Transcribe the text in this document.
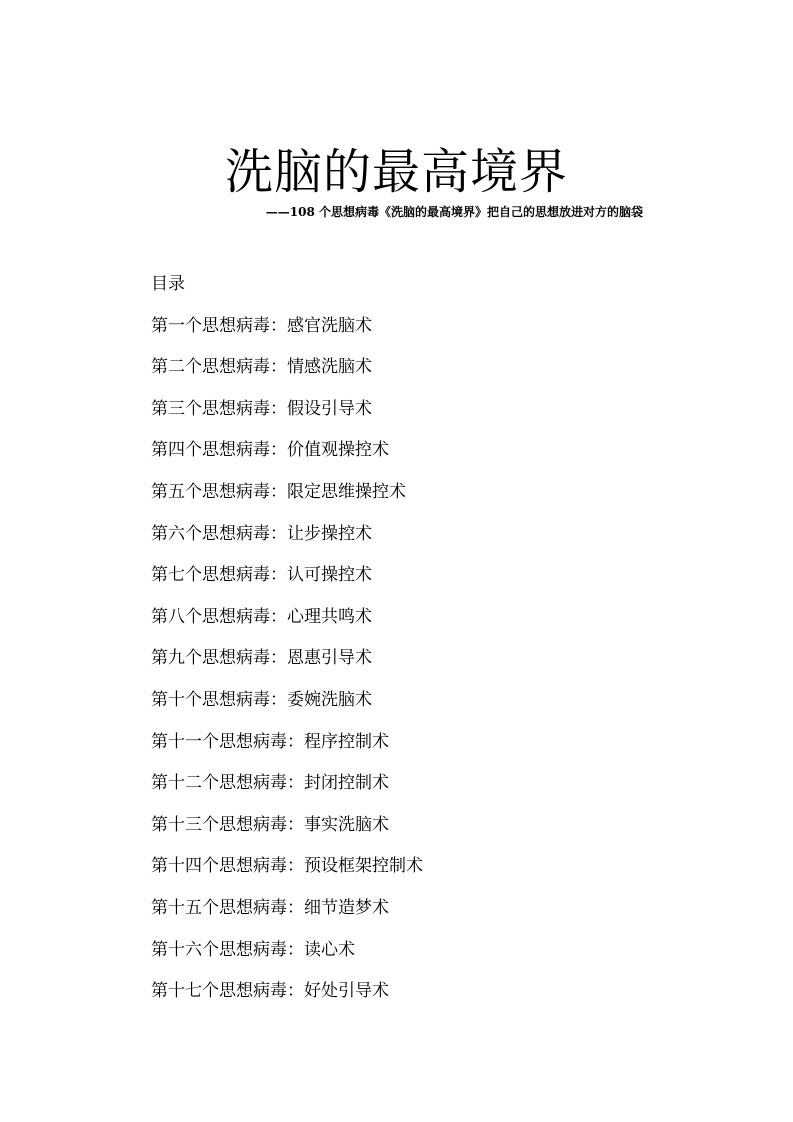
洗脑的最高境界

——108 个思想病毒《洗脑的最高境界》把自己的思想放进对方的脑袋

目录

第一个思想病毒：感官洗脑术
第二个思想病毒：情感洗脑术
第三个思想病毒：假设引导术
第四个思想病毒：价值观操控术
第五个思想病毒：限定思维操控术
第六个思想病毒：让步操控术
第七个思想病毒：认可操控术
第八个思想病毒：心理共鸣术
第九个思想病毒：恩惠引导术
第十个思想病毒：委婉洗脑术
第十一个思想病毒：程序控制术
第十二个思想病毒：封闭控制术
第十三个思想病毒：事实洗脑术
第十四个思想病毒：预设框架控制术
第十五个思想病毒：细节造梦术
第十六个思想病毒：读心术
第十七个思想病毒：好处引导术
